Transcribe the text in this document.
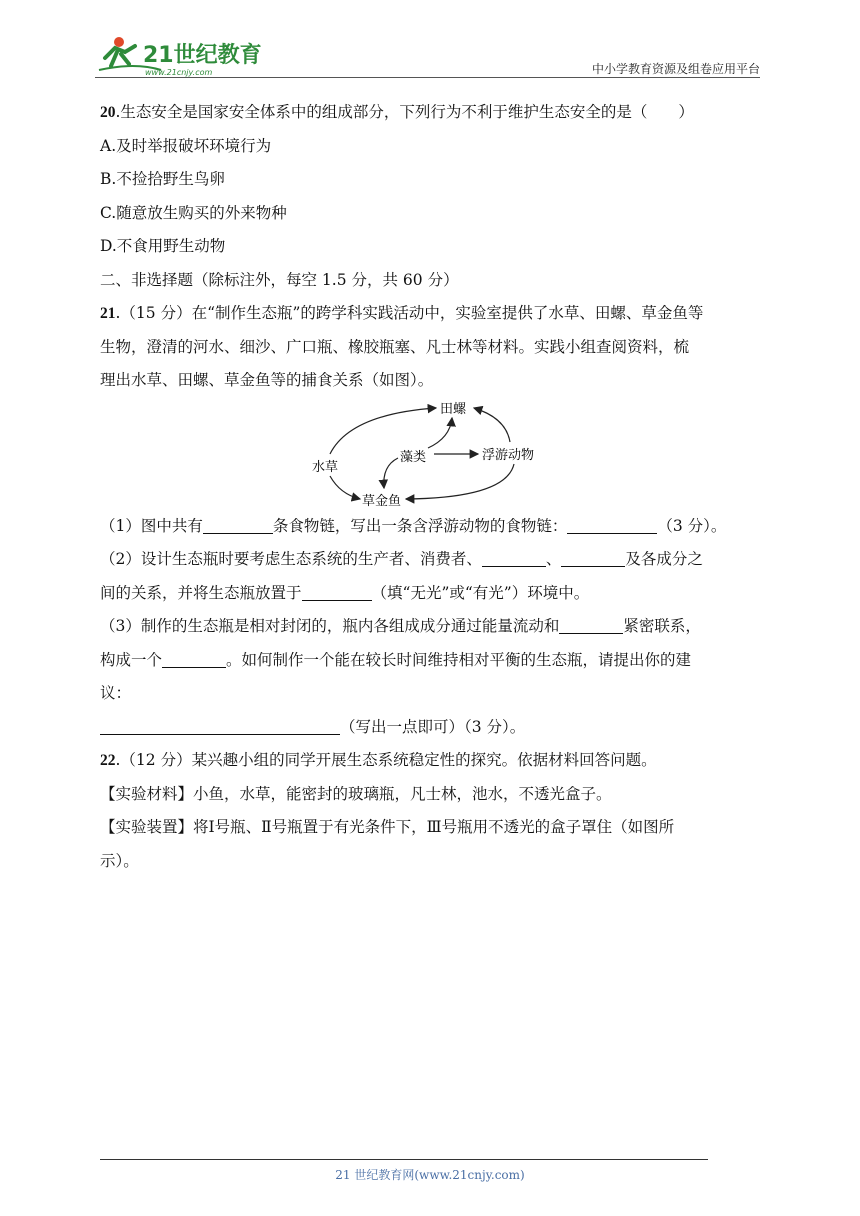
21世纪教育
www.21cnjy.com	中小学教育资源及组卷应用平台
20.生态安全是国家安全体系中的组成部分，下列行为不利于维护生态安全的是（　　）
A.及时举报破坏环境行为
B.不捡拾野生鸟卵
C.随意放生购买的外来物种
D.不食用野生动物
二、非选择题（除标注外，每空 1.5 分，共 60 分）
21.（15 分）在“制作生态瓶”的跨学科实践活动中，实验室提供了水草、田螺、草金鱼等
生物，澄清的河水、细沙、广口瓶、橡胶瓶塞、凡士林等材料。实践小组查阅资料，梳
理出水草、田螺、草金鱼等的捕食关系（如图）。
田螺
藻类	浮游动物
水草
草金鱼
（1）图中共有	条食物链，写出一条含浮游动物的食物链：	（3 分）。
（2）设计生态瓶时要考虑生态系统的生产者、消费者、	、	及各成分之
间的关系，并将生态瓶放置于	（填“无光”或“有光”）环境中。
（3）制作的生态瓶是相对封闭的，瓶内各组成成分通过能量流动和	紧密联系，
构成一个	。如何制作一个能在较长时间维持相对平衡的生态瓶，请提出你的建
议：
（写出一点即可）（3 分）。
22.（12 分）某兴趣小组的同学开展生态系统稳定性的探究。依据材料回答问题。
【实验材料】小鱼，水草，能密封的玻璃瓶，凡士林，池水，不透光盒子。
【实验装置】将Ⅰ号瓶、Ⅱ号瓶置于有光条件下，Ⅲ号瓶用不透光的盒子罩住（如图所
示）。
21 世纪教育网(www.21cnjy.com)
